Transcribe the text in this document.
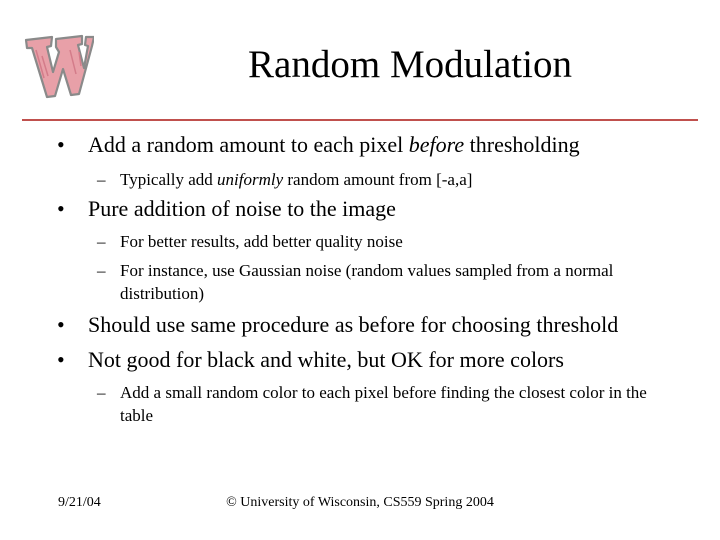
Random Modulation

• Add a random amount to each pixel before thresholding

– Typically add uniformly random amount from [-a,a]

• Pure addition of noise to the image

– For better results, add better quality noise

– For instance, use Gaussian noise (random values sampled from a normal distribution)

• Should use same procedure as before for choosing threshold

• Not good for black and white, but OK for more colors

– Add a small random color to each pixel before finding the closest color in the table

9/21/04	© University of Wisconsin, CS559 Spring 2004
